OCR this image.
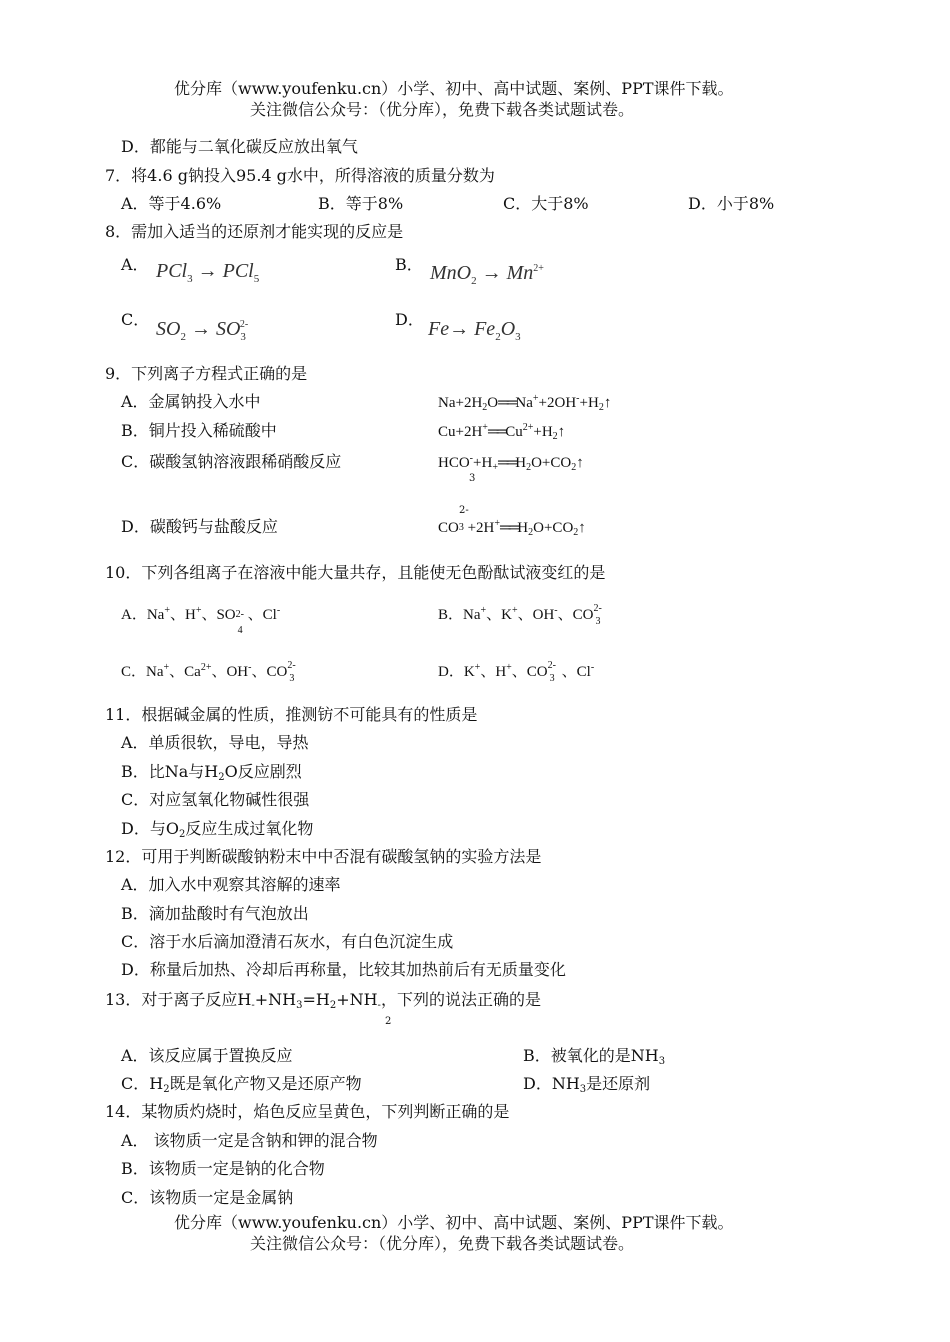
优分库（www.youfenku.cn）小学、初中、高中试题、案例、PPT课件下载。
关注微信公众号：（优分库），免费下载各类试题试卷。
D．都能与二氧化碳反应放出氧气
7．将4.6 g钠投入95.4 g水中，所得溶液的质量分数为
A．等于4.6%	B．等于8%	C．大于8%	D．小于8%
8．需加入适当的还原剂才能实现的反应是
A． PCl$_3$ → PCl$_5$
B． $MnO_2 \to Mn^{2+}$
C． $SO_2 \to SO_3^{2-}$	D． $Fe\to Fe_2O_3$
9．下列离子方程式正确的是
A．金属钠投入水中	$Na+2H_2O══Na^++2OH^-+H_2↑$
B．铜片投入稀硫酸中	$Cu+2H^+══Cu^{2+}+H_2↑$
C．碳酸氢钠溶液跟稀硝酸反应	$HCO^-+H_+══H_2O+CO_2↑$
3
2-
D．碳酸钙与盐酸反应	$CO3 +2H^+══H_2O+CO_2↑$
10．下列各组离子在溶液中能大量共存，且能使无色酚酞试液变红的是
A．Na+、H+、SO 2-
4
、Cl-	B．Na+、K+、OH-、CO 2-
3
C．Na+、$Ca^{2+}$、OH-、CO 2-
3	D．K+、H+、CO 2-
3 、Cl-
11．根据碱金属的性质，推测钫不可能具有的性质是
A．单质很软，导电，导热
B．比Na与$H_2O$反应剧烈
C．对应氢氧化物碱性很强
D．与$O_2$反应生成过氧化物
12．可用于判断碳酸钠粉末中中否混有碳酸氢钠的实验方法是
A．加入水中观察其溶解的速率
B．滴加盐酸时有气泡放出
C．溶于水后滴加澄清石灰水，有白色沉淀生成
D．称量后加热、冷却后再称量，比较其加热前后有无质量变化
13．对于离子反应$H_-+NH_3=H_2+NH_-$，下列的说法正确的是
2
A．该反应属于置换反应	B．被氧化的是$NH_3$
C．$H_2$既是氧化产物又是还原产物	D．$NH_3$是还原剂
14．某物质灼烧时，焰色反应呈黄色，下列判断正确的是
A． 该物质一定是含钠和钾的混合物
B．该物质一定是钠的化合物
C．该物质一定是金属钠
优分库（www.youfenku.cn）小学、初中、高中试题、案例、PPT课件下载。
关注微信公众号：（优分库），免费下载各类试题试卷。
